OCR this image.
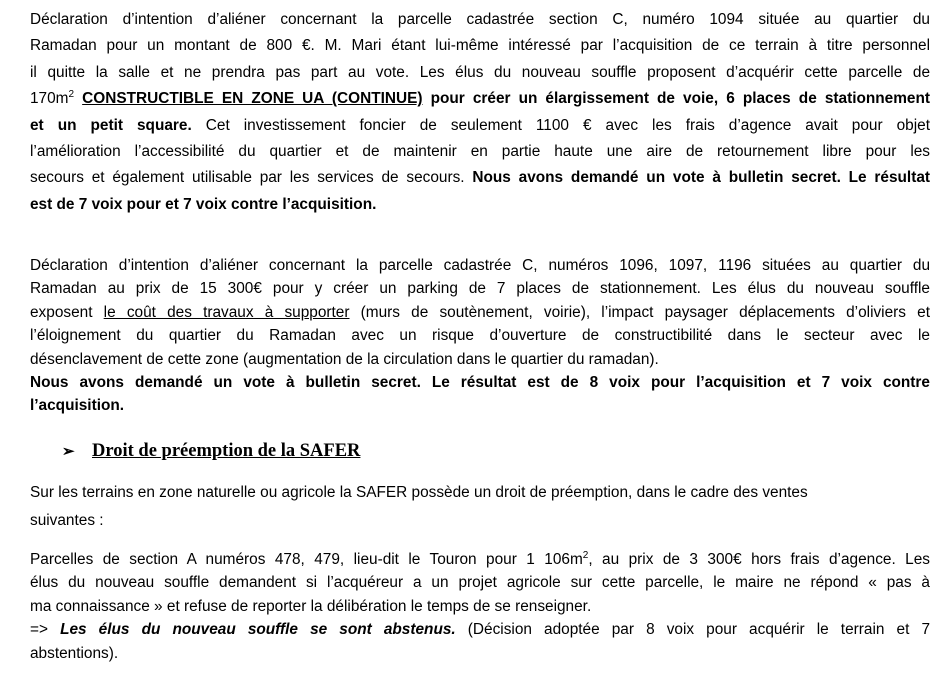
Déclaration d’intention d’aliéner concernant la parcelle cadastrée section C, numéro 1094 située au quartier du
Ramadan pour un montant de 800 €. M. Mari étant lui-même intéressé par l’acquisition de ce terrain à titre personnel
il quitte la salle et ne prendra pas part au vote. Les élus du nouveau souffle proposent d’acquérir cette parcelle de
$170m^2$ CONSTRUCTIBLE EN ZONE UA (CONTINUE) pour créer un élargissement de voie, 6 places de stationnement
et un petit square. Cet investissement foncier de seulement 1100 € avec les frais d’agence avait pour objet
l’amélioration l’accessibilité du quartier et de maintenir en partie haute une aire de retournement libre pour les
secours et également utilisable par les services de secours. Nous avons demandé un vote à bulletin secret. Le résultat
est de 7 voix pour et 7 voix contre l’acquisition.

Déclaration d’intention d’aliéner concernant la parcelle cadastrée C, numéros 1096, 1097, 1196 situées au quartier du
Ramadan au prix de 15 300€ pour y créer un parking de 7 places de stationnement. Les élus du nouveau souffle
exposent le coût des travaux à supporter (murs de soutènement, voirie), l’impact paysager déplacements d’oliviers et
l’éloignement du quartier du Ramadan avec un risque d’ouverture de constructibilité dans le secteur avec le
désenclavement de cette zone (augmentation de la circulation dans le quartier du ramadan).
Nous avons demandé un vote à bulletin secret. Le résultat est de 8 voix pour l’acquisition et 7 voix contre
l’acquisition.

➢ Droit de préemption de la SAFER

Sur les terrains en zone naturelle ou agricole la SAFER possède un droit de préemption, dans le cadre des ventes
suivantes :

Parcelles de section A numéros 478, 479, lieu-dit le Touron pour 1 $106m^2$, au prix de 3 300€ hors frais d’agence. Les
élus du nouveau souffle demandent si l’acquéreur a un projet agricole sur cette parcelle, le maire ne répond « pas à
ma connaissance » et refuse de reporter la délibération le temps de se renseigner.
=> Les élus du nouveau souffle se sont abstenus. (Décision adoptée par 8 voix pour acquérir le terrain et 7
abstentions).
